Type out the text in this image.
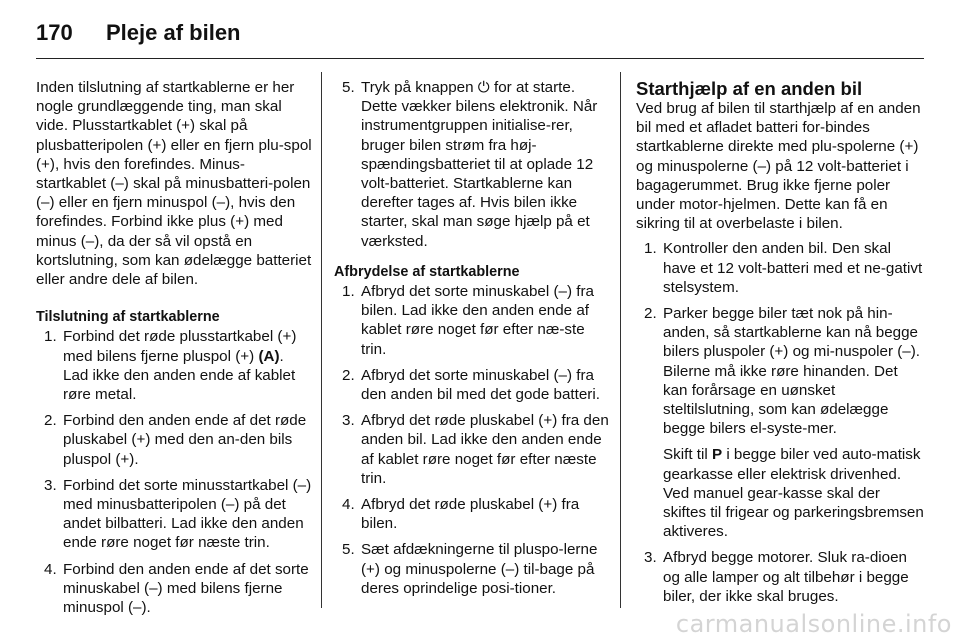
170 Pleje af bilen

Inden tilslutning af startkablerne er her nogle grundlæggende ting, man skal vide. Plusstartkablet (+) skal på plusbatteripolen (+) eller en fjern plu-spol (+), hvis den forefindes. Minus-startkablet (‒) skal på minusbatteri-polen (‒) eller en fjern minuspol (‒), hvis den forefindes. Forbind ikke plus (+) med minus (‒), da der så vil opstå en kortslutning, som kan ødelægge batteriet eller andre dele af bilen.

Tilslutning af startkablerne
1. Forbind det røde plusstartkabel (+) med bilens fjerne pluspol (+) (A). Lad ikke den anden ende af kablet røre metal.
2. Forbind den anden ende af det røde pluskabel (+) med den an-den bils pluspol (+).
3. Forbind det sorte minusstartkabel (‒) med minusbatteripolen (‒) på det andet bilbatteri. Lad ikke den anden ende røre noget før næste trin.
4. Forbind den anden ende af det sorte minuskabel (‒) med bilens fjerne minuspol (‒).
5. Tryk på knappen ⏻ for at starte. Dette vækker bilens elektronik. Når instrumentgruppen initialise-rer, bruger bilen strøm fra høj-spændingsbatteriet til at oplade 12 volt-batteriet. Startkablerne kan derefter tages af. Hvis bilen ikke starter, skal man søge hjælp på et værksted.
Afbrydelse af startkablerne
1. Afbryd det sorte minuskabel (‒) fra bilen. Lad ikke den anden ende af kablet røre noget før efter næ-ste trin.
2. Afbryd det sorte minuskabel (‒) fra den anden bil med det gode batteri.
3. Afbryd det røde pluskabel (+) fra den anden bil. Lad ikke den anden ende af kablet røre noget før efter næste trin.
4. Afbryd det røde pluskabel (+) fra bilen.
5. Sæt afdækningerne til pluspo-lerne (+) og minuspolerne (‒) til-bage på deres oprindelige posi-tioner.
Starthjælp af en anden bil

Ved brug af bilen til starthjælp af en anden bil med et afladet batteri for-bindes startkablerne direkte med plu-spolerne (+) og minuspolerne (‒) på 12 volt-batteriet i bagagerummet. Brug ikke fjerne poler under motor-hjelmen. Dette kan få en sikring til at overbelaste i bilen.

1. Kontroller den anden bil. Den skal have et 12 volt-batteri med et ne-gativt stelsystem.
2. Parker begge biler tæt nok på hin-anden, så startkablerne kan nå begge bilers pluspoler (+) og mi-nuspoler (‒). Bilerne må ikke røre hinanden. Det kan forårsage en uønsket steltilslutning, som kan ødelægge begge bilers el-syste-mer.

Skift til P i begge biler ved auto-matisk gearkasse eller elektrisk drivenhed. Ved manuel gear-kasse skal der skiftes til frigear og parkeringsbremsen aktiveres.

3. Afbryd begge motorer. Sluk ra-dioen og alle lamper og alt tilbehør i begge biler, der ikke skal bruges.
carmanualsonline.info
